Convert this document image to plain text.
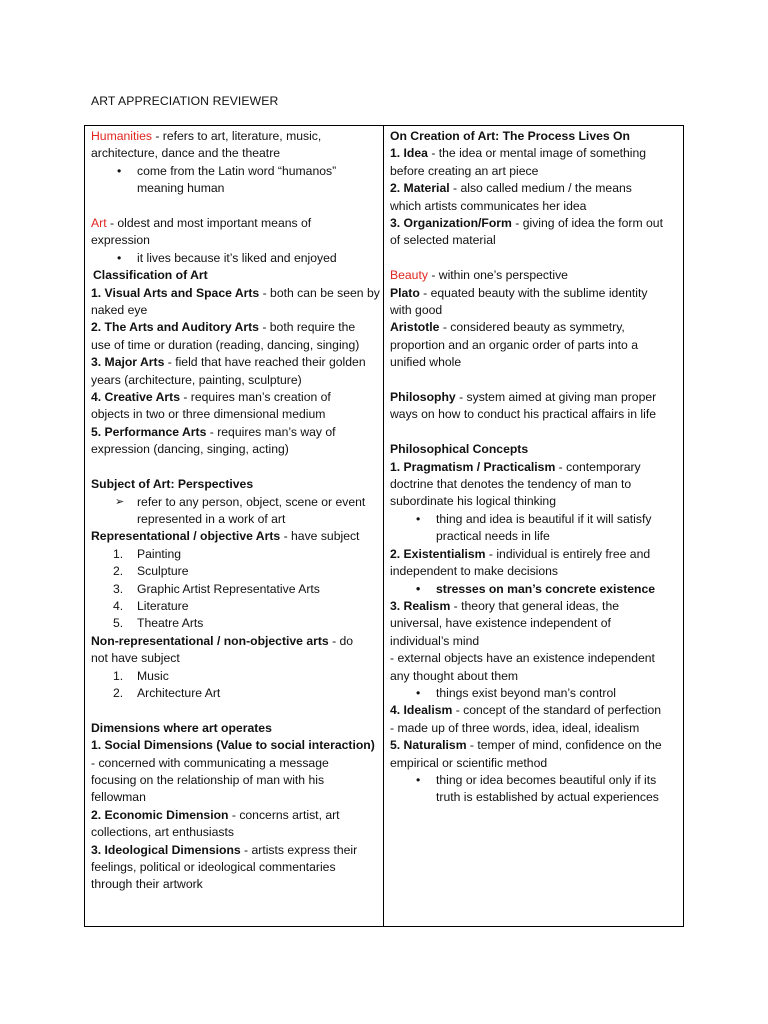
ART APPRECIATION REVIEWER
Humanities - refers to art, literature, music,
architecture, dance and the theatre
• come from the Latin word “humanos”
meaning human
Art - oldest and most important means of
expression
• it lives because it’s liked and enjoyed
Classification of Art
1. Visual Arts and Space Arts - both can be seen by
naked eye
2. The Arts and Auditory Arts - both require the
use of time or duration (reading, dancing, singing)
3. Major Arts - field that have reached their golden
years (architecture, painting, sculpture)
4. Creative Arts - requires man’s creation of
objects in two or three dimensional medium
5. Performance Arts - requires man’s way of
expression (dancing, singing, acting)
Subject of Art: Perspectives
➢ refer to any person, object, scene or event
represented in a work of art
Representational / objective Arts - have subject
1. Painting
2. Sculpture
3. Graphic Artist Representative Arts
4. Literature
5. Theatre Arts
Non-representational / non-objective arts - do
not have subject
1. Music
2. Architecture Art
Dimensions where art operates
1. Social Dimensions (Value to social interaction)
- concerned with communicating a message
focusing on the relationship of man with his
fellowman
2. Economic Dimension - concerns artist, art
collections, art enthusiasts
3. Ideological Dimensions - artists express their
feelings, political or ideological commentaries
through their artwork
On Creation of Art: The Process Lives On
1. Idea - the idea or mental image of something
before creating an art piece
2. Material - also called medium / the means
which artists communicates her idea
3. Organization/Form - giving of idea the form out
of selected material
Beauty - within one’s perspective
Plato - equated beauty with the sublime identity
with good
Aristotle - considered beauty as symmetry,
proportion and an organic order of parts into a
unified whole
Philosophy - system aimed at giving man proper
ways on how to conduct his practical affairs in life
Philosophical Concepts
1. Pragmatism / Practicalism - contemporary
doctrine that denotes the tendency of man to
subordinate his logical thinking
• thing and idea is beautiful if it will satisfy
practical needs in life
2. Existentialism - individual is entirely free and
independent to make decisions
• stresses on man’s concrete existence
3. Realism - theory that general ideas, the
universal, have existence independent of
individual’s mind
- external objects have an existence independent
any thought about them
• things exist beyond man’s control
4. Idealism - concept of the standard of perfection
- made up of three words, idea, ideal, idealism
5. Naturalism - temper of mind, confidence on the
empirical or scientific method
• thing or idea becomes beautiful only if its
truth is established by actual experiences
